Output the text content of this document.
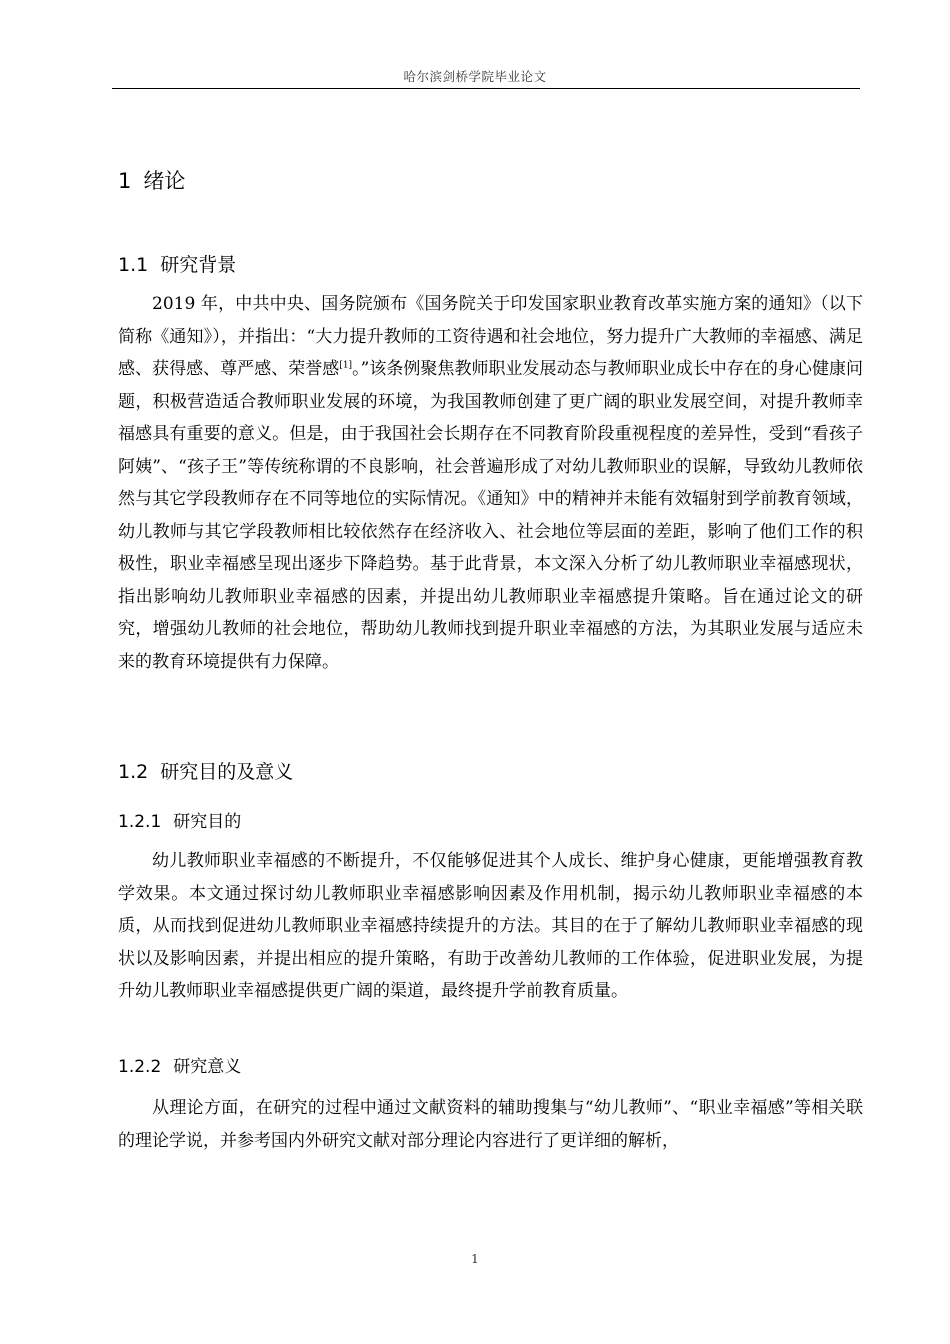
哈尔滨剑桥学院毕业论文
1 绪论
1.1 研究背景

2019 年，中共中央、国务院颁布《国务院关于印发国家职业教育改革实施方案的通知》（以下简称《通知》），并指出：“大力提升教师的工资待遇和社会地位，努力提升广大教师的幸福感、满足感、获得感、尊严感、荣誉感[1]。”该条例聚焦教师职业发展动态与教师职业成长中存在的身心健康问题，积极营造适合教师职业发展的环境，为我国教师创建了更广阔的职业发展空间，对提升教师幸福感具有重要的意义。但是，由于我国社会长期存在不同教育阶段重视程度的差异性，受到“看孩子阿姨”、“孩子王”等传统称谓的不良影响，社会普遍形成了对幼儿教师职业的误解，导致幼儿教师依然与其它学段教师存在不同等地位的实际情况。《通知》中的精神并未能有效辐射到学前教育领域，幼儿教师与其它学段教师相比较依然存在经济收入、社会地位等层面的差距，影响了他们工作的积极性，职业幸福感呈现出逐步下降趋势。基于此背景，本文深入分析了幼儿教师职业幸福感现状，指出影响幼儿教师职业幸福感的因素，并提出幼儿教师职业幸福感提升策略。旨在通过论文的研究，增强幼儿教师的社会地位，帮助幼儿教师找到提升职业幸福感的方法，为其职业发展与适应未来的教育环境提供有力保障。

1.2 研究目的及意义
1.2.1 研究目的

幼儿教师职业幸福感的不断提升，不仅能够促进其个人成长、维护身心健康，更能增强教育教学效果。本文通过探讨幼儿教师职业幸福感影响因素及作用机制，揭示幼儿教师职业幸福感的本质，从而找到促进幼儿教师职业幸福感持续提升的方法。其目的在于了解幼儿教师职业幸福感的现状以及影响因素，并提出相应的提升策略，有助于改善幼儿教师的工作体验，促进职业发展，为提升幼儿教师职业幸福感提供更广阔的渠道，最终提升学前教育质量。

1.2.2 研究意义

从理论方面，在研究的过程中通过文献资料的辅助搜集与“幼儿教师”、“职业幸福感”等相关联的理论学说，并参考国内外研究文献对部分理论内容进行了更详细的解析，

1
